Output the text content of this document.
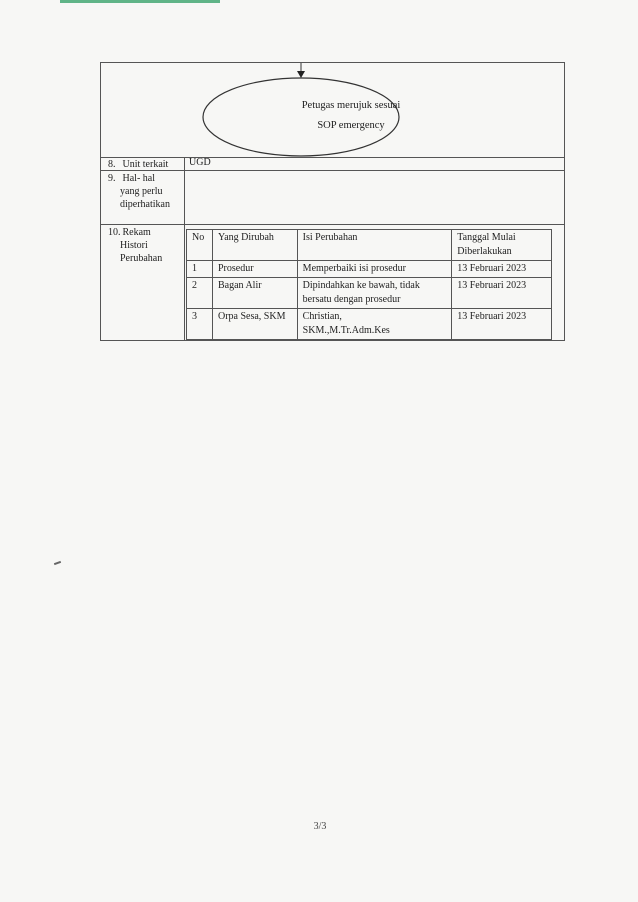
Petugas merujuk sesuai
SOP emergency
8. Unit terkait	UGD
9. Hal- hal
yang perlu
diperhatikan
10. Rekam
Histori
Perubahan
No	Yang Dirubah	Isi Perubahan	Tanggal Mulai
Diberlakukan

1	Prosedur	Memperbaiki isi prosedur	13 Februari 2023
2	Bagan Alir	Dipindahkan ke bawah, tidak
bersatu dengan prosedur	13 Februari 2023
3	Orpa Sesa, SKM	Christian,
SKM.,M.Tr.Adm.Kes	13 Februari 2023
3/3
